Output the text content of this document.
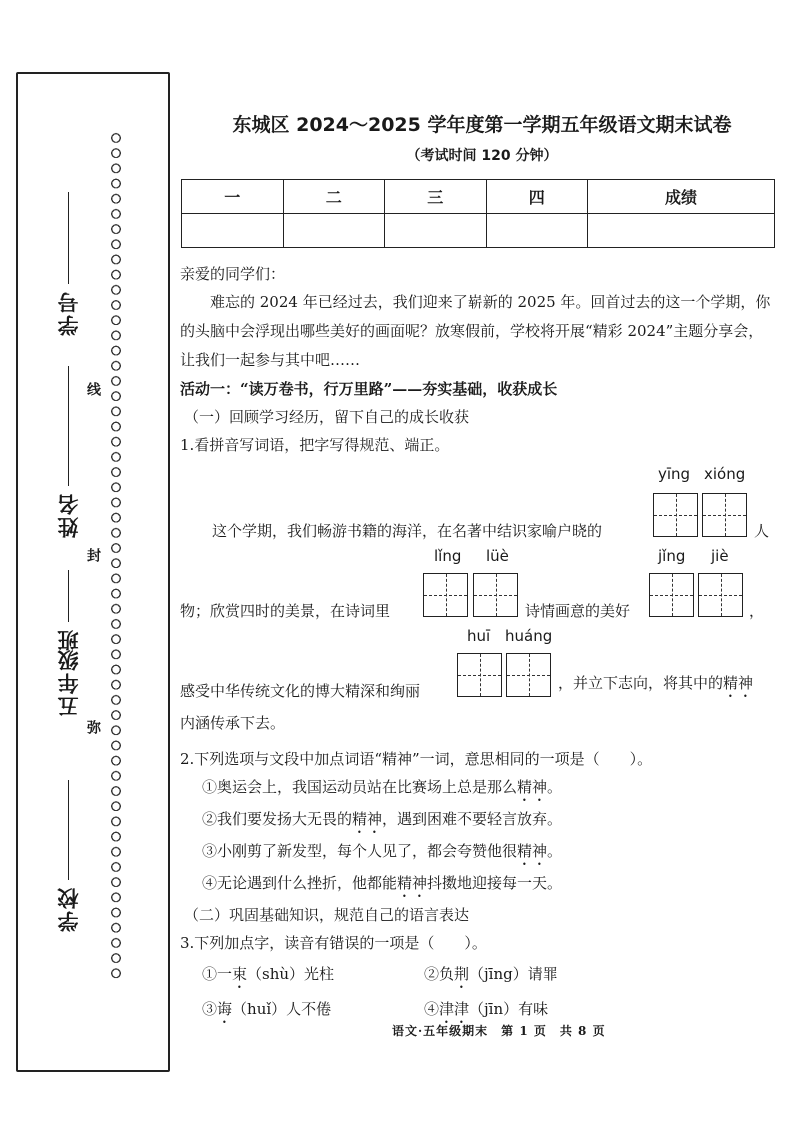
线
封
弥
学号
姓名
班
五年级
学校
东城区 2024～2025 学年度第一学期五年级语文期末试卷
（考试时间 120 分钟）
一	二	三	四	成绩

亲爱的同学们：

难忘的 2024 年已经过去，我们迎来了崭新的 2025 年。回首过去的这一个学期，你的头脑中会浮现出哪些美好的画面呢？放寒假前，学校将开展“精彩 2024”主题分享会，让我们一起参与其中吧……

活动一：“读万卷书，行万里路”——夯实基础，收获成长

（一）回顾学习经历，留下自己的成长收获

1.看拼音写词语，把字写得规范、端正。

这个学期，我们畅游书籍的海洋，在名著中结识家喻户晓的
yīng xióng
人
物；欣赏四时的美景，在诗词里
lǐng lüè
诗情画意的美好
jǐng jiè
，
感受中华传统文化的博大精深和绚丽
huī huáng
，并立下志向，将其中的精神

内涵传承下去。

2.下列选项与文段中加点词语“精神”一词，意思相同的一项是（　　）。

①奥运会上，我国运动员站在比赛场上总是那么精神。

②我们要发扬大无畏的精神，遇到困难不要轻言放弃。

③小刚剪了新发型，每个人见了，都会夸赞他很精神。

④无论遇到什么挫折，他都能精神抖擞地迎接每一天。

（二）巩固基础知识，规范自己的语言表达

3.下列加点字，读音有错误的一项是（　　）。

①一束（shù）光柱	②负荆（jīng）请罪
③诲（huǐ）人不倦	④津津（jīn）有味
语文·五年级期末　第 1 页　共 8 页
